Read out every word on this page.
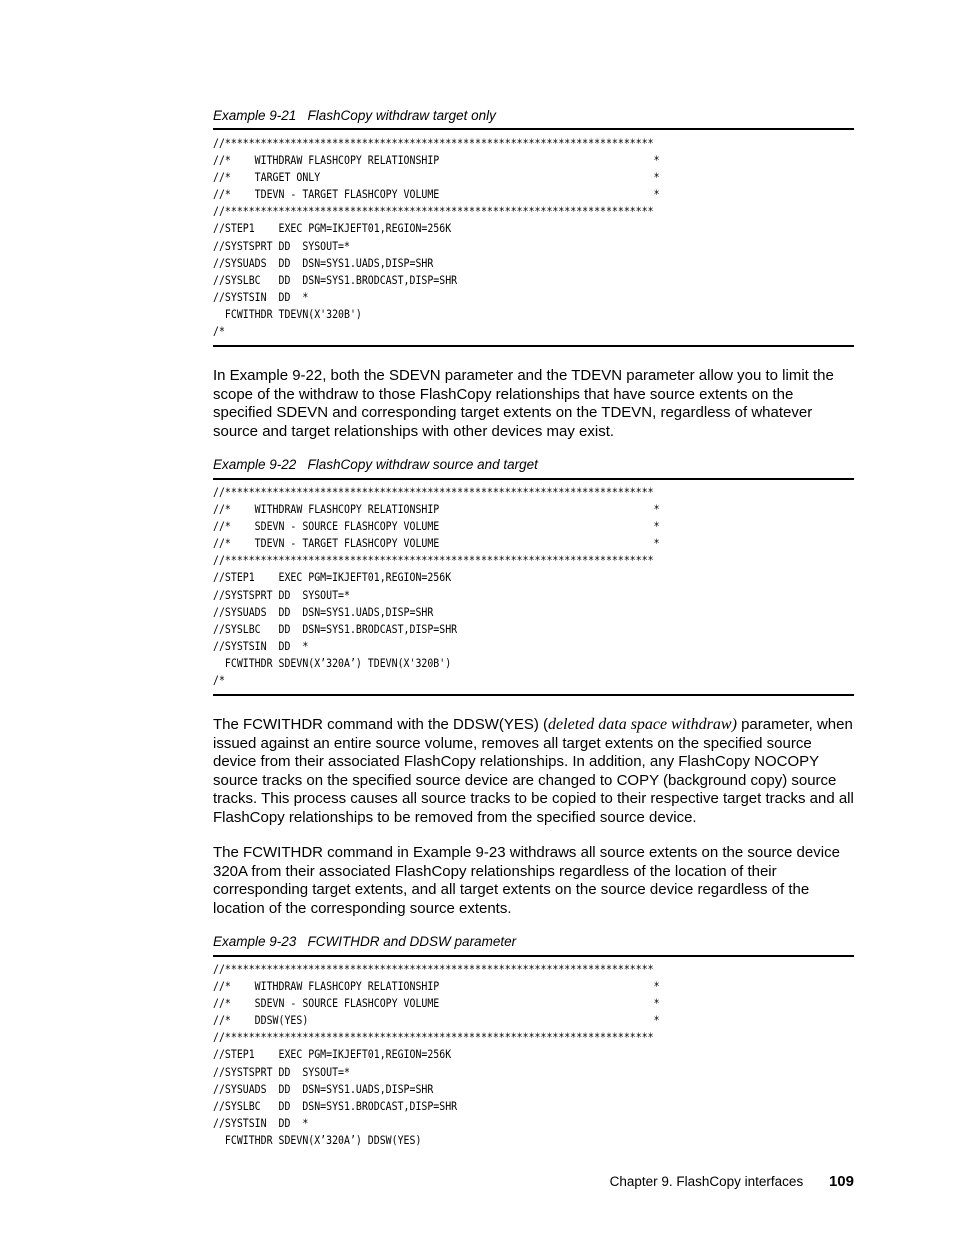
Example 9-21   FlashCopy withdraw target only
//************************************************************************
//*    WITHDRAW FLASHCOPY RELATIONSHIP                                    *
//*    TARGET ONLY                                                        *
//*    TDEVN - TARGET FLASHCOPY VOLUME                                    *
//************************************************************************
//STEP1    EXEC PGM=IKJEFT01,REGION=256K
//SYSTSPRT DD  SYSOUT=*
//SYSUADS  DD  DSN=SYS1.UADS,DISP=SHR
//SYSLBC   DD  DSN=SYS1.BRODCAST,DISP=SHR
//SYSTSIN  DD  *
FCWITHDR TDEVN(X'320B')
/*

In Example 9-22, both the SDEVN parameter and the TDEVN parameter allow you to limit the scope of the withdraw to those FlashCopy relationships that have source extents on the specified SDEVN and corresponding target extents on the TDEVN, regardless of whatever source and target relationships with other devices may exist.

Example 9-22   FlashCopy withdraw source and target
//************************************************************************
//*    WITHDRAW FLASHCOPY RELATIONSHIP                                    *
//*    SDEVN - SOURCE FLASHCOPY VOLUME                                    *
//*    TDEVN - TARGET FLASHCOPY VOLUME                                    *
//************************************************************************
//STEP1    EXEC PGM=IKJEFT01,REGION=256K
//SYSTSPRT DD  SYSOUT=*
//SYSUADS  DD  DSN=SYS1.UADS,DISP=SHR
//SYSLBC   DD  DSN=SYS1.BRODCAST,DISP=SHR
//SYSTSIN  DD  *
FCWITHDR SDEVN(X’320A’) TDEVN(X'320B')
/*

The FCWITHDR command with the DDSW(YES) (deleted data space withdraw) parameter, when issued against an entire source volume, removes all target extents on the specified source device from their associated FlashCopy relationships. In addition, any FlashCopy NOCOPY source tracks on the specified source device are changed to COPY (background copy) source tracks. This process causes all source tracks to be copied to their respective target tracks and all FlashCopy relationships to be removed from the specified source device.

The FCWITHDR command in Example 9-23 withdraws all source extents on the source device 320A from their associated FlashCopy relationships regardless of the location of their corresponding target extents, and all target extents on the source device regardless of the location of the corresponding source extents.

Example 9-23   FCWITHDR and DDSW parameter
//************************************************************************
//*    WITHDRAW FLASHCOPY RELATIONSHIP                                    *
//*    SDEVN - SOURCE FLASHCOPY VOLUME                                    *
//*    DDSW(YES)                                                          *
//************************************************************************
//STEP1    EXEC PGM=IKJEFT01,REGION=256K
//SYSTSPRT DD  SYSOUT=*
//SYSUADS  DD  DSN=SYS1.UADS,DISP=SHR
//SYSLBC   DD  DSN=SYS1.BRODCAST,DISP=SHR
//SYSTSIN  DD  *
FCWITHDR SDEVN(X’320A’) DDSW(YES)
Chapter 9. FlashCopy interfaces 109
